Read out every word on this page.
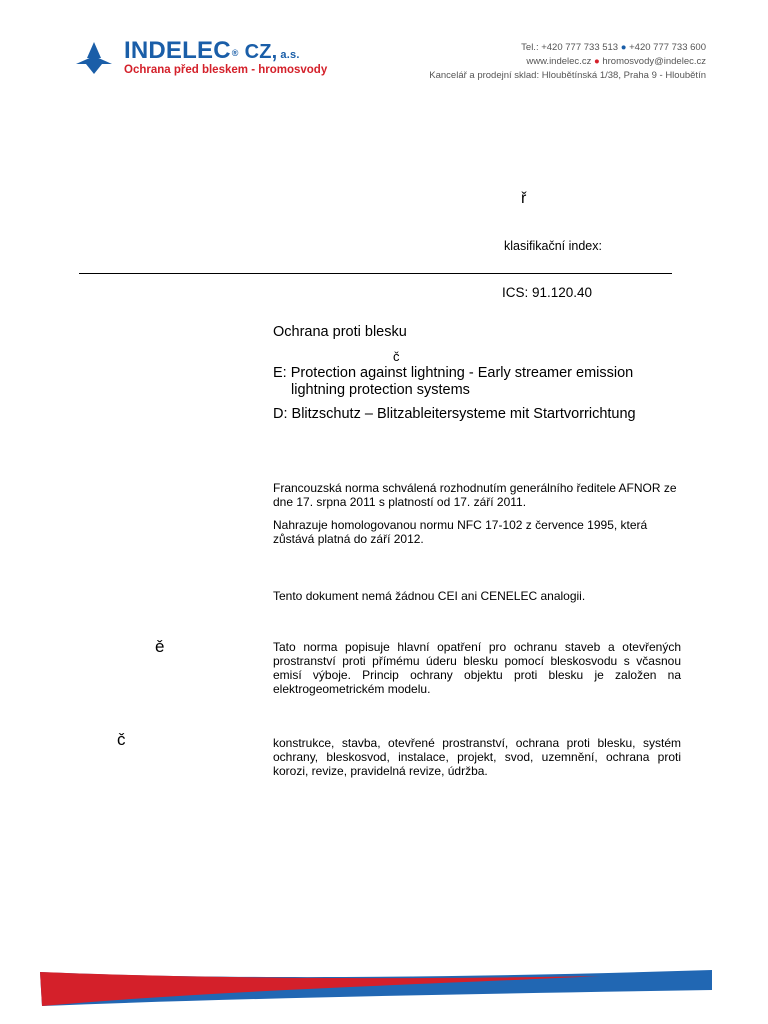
INDELEC® CZ, a.s.
Ochrana před bleskem - hromosvody
Tel.: +420 777 733 513 ● +420 777 733 600
www.indelec.cz ● hromosvody@indelec.cz
Kancelář a prodejní sklad: Hloubětínská 1/38, Praha 9 - Hloubětín
ř
klasifikační index:
ICS: 91.120.40
Ochrana proti blesku
č
E: Protection against lightning - Early streamer emission
lightning protection systems
D: Blitzschutz – Blitzableitersysteme mit Startvorrichtung
Francouzská norma schválená rozhodnutím generálního ředitele AFNOR ze dne 17. srpna 2011 s platností od 17. září 2011.
Nahrazuje homologovanou normu NFC 17-102 z července 1995, která zůstává platná do září 2012.
Tento dokument nemá žádnou CEI ani CENELEC analogii.
ě	Tato norma popisuje hlavní opatření pro ochranu staveb a otevřených prostranství proti přímému úderu blesku pomocí bleskosvodu s včasnou emisí výboje. Princip ochrany objektu proti blesku je založen na elektrogeometrickém modelu.
č	konstrukce, stavba, otevřené prostranství, ochrana proti blesku, systém ochrany, bleskosvod, instalace, projekt, svod, uzemnění, ochrana proti korozi, revize, pravidelná revize, údržba.
